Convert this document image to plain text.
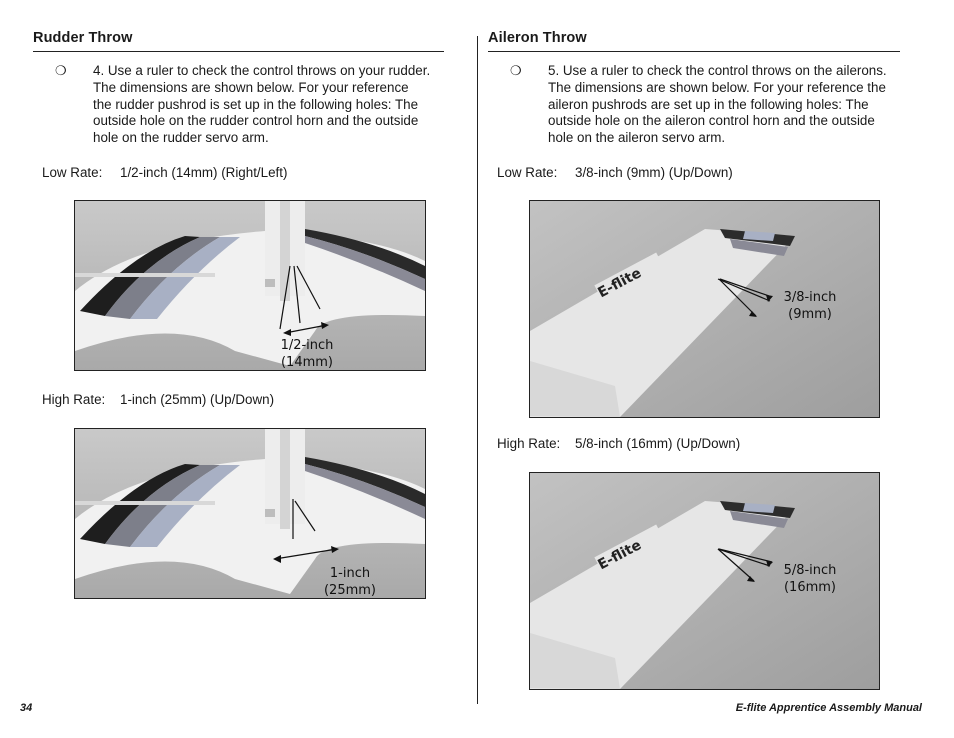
Rudder Throw
❍ 4. Use a ruler to check the control throws on your rudder.
The dimensions are shown below. For your reference
the rudder pushrod is set up in the following holes: The
outside hole on the rudder control horn and the outside
hole on the rudder servo arm.
Low Rate: 1/2-inch (14mm) (Right/Left)
1/2-inch
(14mm)
High Rate: 1-inch (25mm) (Up/Down)
1-inch
(25mm)
Aileron Throw
❍ 5. Use a ruler to check the control throws on the ailerons.
The dimensions are shown below. For your reference the
aileron pushrods are set up in the following holes: The
outside hole on the aileron control horn and the outside
hole on the aileron servo arm.
Low Rate: 3/8-inch (9mm) (Up/Down)
E-flite	3/8-inch
(9mm)
High Rate: 5/8-inch (16mm) (Up/Down)
E-flite	5/8-inch
(16mm)
34	E-flite Apprentice Assembly Manual
